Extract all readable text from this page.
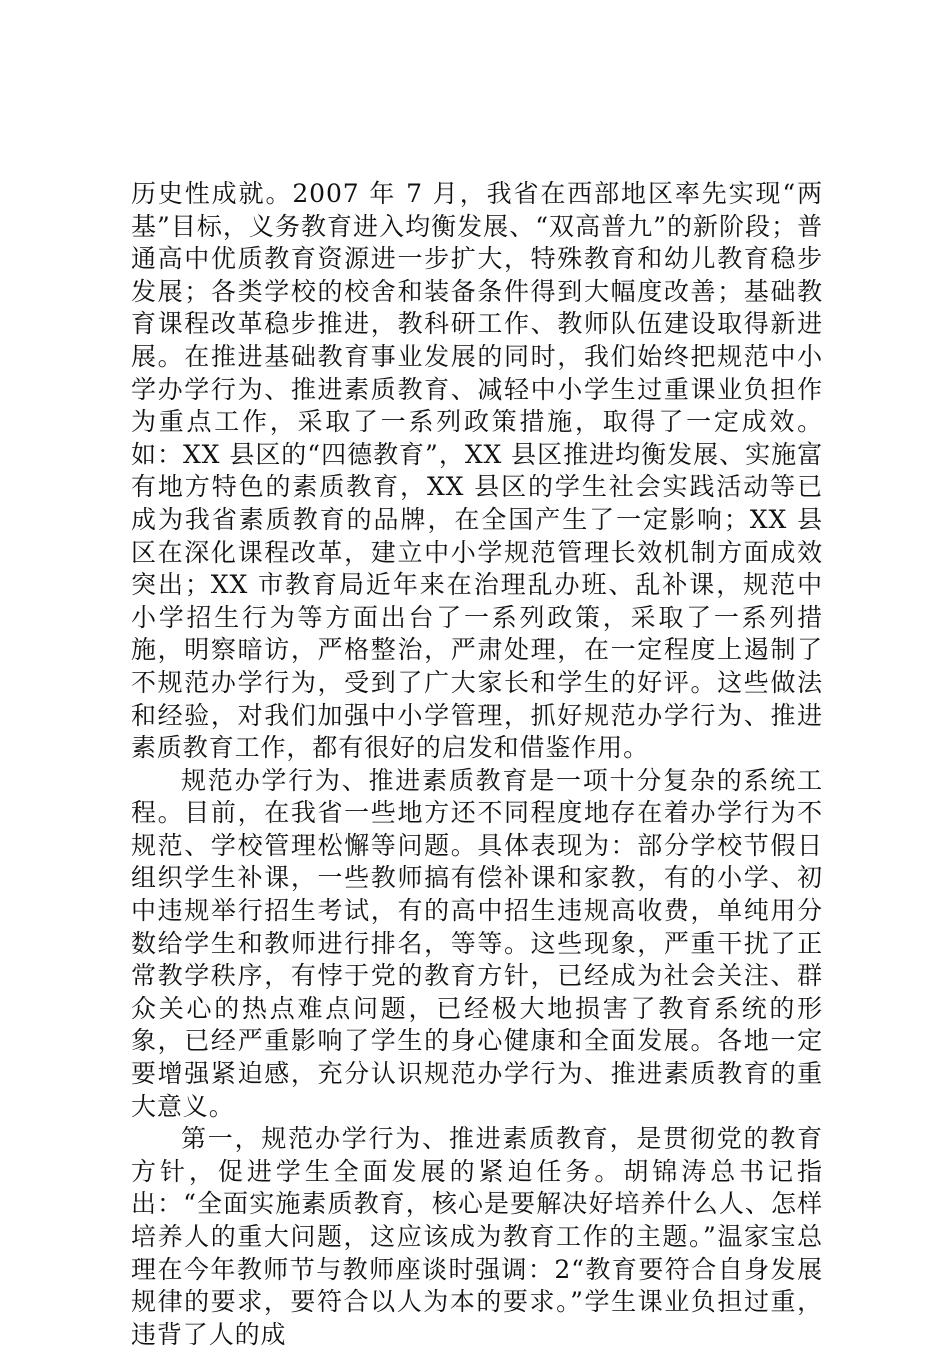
历史性成就。2007 年 7 月，我省在西部地区率先实现“两基”目标，义务教育进入均衡发展、“双高普九”的新阶段；普通高中优质教育资源进一步扩大，特殊教育和幼儿教育稳步发展；各类学校的校舍和装备条件得到大幅度改善；基础教育课程改革稳步推进，教科研工作、教师队伍建设取得新进展。在推进基础教育事业发展的同时，我们始终把规范中小学办学行为、推进素质教育、减轻中小学生过重课业负担作为重点工作，采取了一系列政策措施，取得了一定成效。如：XX 县区的“四德教育”，XX 县区推进均衡发展、实施富有地方特色的素质教育，XX 县区的学生社会实践活动等已成为我省素质教育的品牌，在全国产生了一定影响；XX 县区在深化课程改革，建立中小学规范管理长效机制方面成效突出；XX 市教育局近年来在治理乱办班、乱补课，规范中小学招生行为等方面出台了一系列政策，采取了一系列措施，明察暗访，严格整治，严肃处理，在一定程度上遏制了不规范办学行为，受到了广大家长和学生的好评。这些做法和经验，对我们加强中小学管理，抓好规范办学行为、推进素质教育工作，都有很好的启发和借鉴作用。

规范办学行为、推进素质教育是一项十分复杂的系统工程。目前，在我省一些地方还不同程度地存在着办学行为不规范、学校管理松懈等问题。具体表现为：部分学校节假日组织学生补课，一些教师搞有偿补课和家教，有的小学、初中违规举行招生考试，有的高中招生违规高收费，单纯用分数给学生和教师进行排名，等等。这些现象，严重干扰了正常教学秩序，有悖于党的教育方针，已经成为社会关注、群众关心的热点难点问题，已经极大地损害了教育系统的形象，已经严重影响了学生的身心健康和全面发展。各地一定要增强紧迫感，充分认识规范办学行为、推进素质教育的重大意义。

第一，规范办学行为、推进素质教育，是贯彻党的教育方针，促进学生全面发展的紧迫任务。胡锦涛总书记指出：“全面实施素质教育，核心是要解决好培养什么人、怎样培养人的重大问题，这应该成为教育工作的主题。”温家宝总理在今年教师节与教师座谈时强调：2“教育要符合自身发展规律的要求，要符合以人为本的要求。”学生课业负担过重，违背了人的成
